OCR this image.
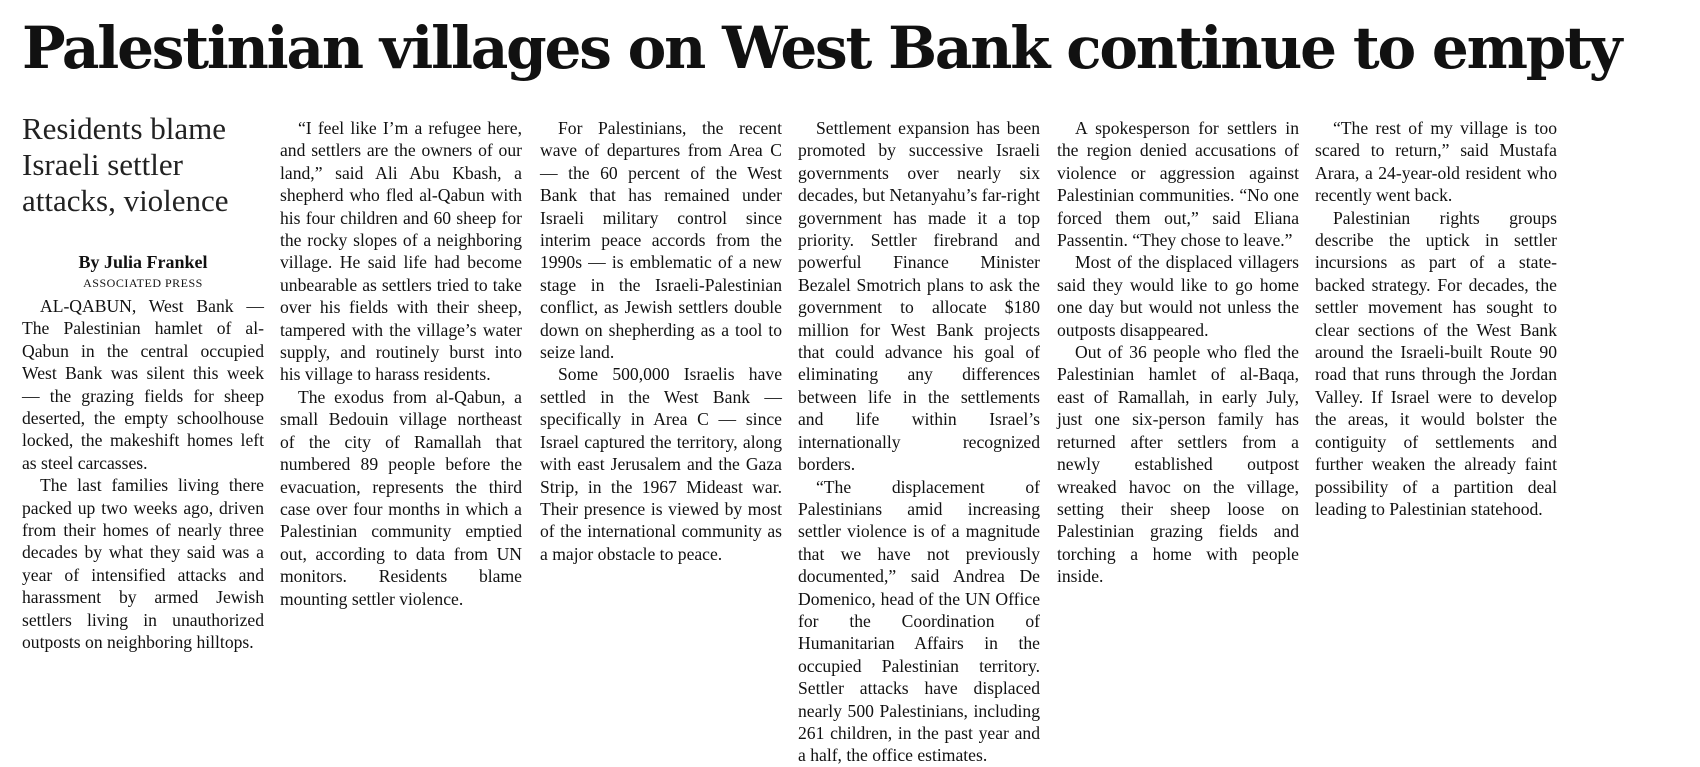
Palestinian villages on West Bank continue to empty
Residents blame Israeli settler attacks, violence
By Julia Frankel
ASSOCIATED PRESS

AL-QABUN, West Bank — The Palestinian hamlet of al-Qabun in the central occupied West Bank was silent this week — the grazing fields for sheep deserted, the empty schoolhouse locked, the makeshift homes left as steel carcasses.

The last families living there packed up two weeks ago, driven from their homes of nearly three decades by what they said was a year of intensified attacks and harassment by armed Jewish settlers living in unauthorized outposts on neighboring hilltops.

“I feel like I’m a refugee here, and settlers are the owners of our land,” said Ali Abu Kbash, a shepherd who fled al-Qabun with his four children and 60 sheep for the rocky slopes of a neighboring village. He said life had become unbearable as settlers tried to take over his fields with their sheep, tampered with the village’s water supply, and routinely burst into his village to harass residents.

The exodus from al-Qabun, a small Bedouin village northeast of the city of Ramallah that numbered 89 people before the evacuation, represents the third case over four months in which a Palestinian community emptied out, according to data from UN monitors. Residents blame mounting settler violence.

For Palestinians, the recent wave of departures from Area C — the 60 percent of the West Bank that has remained under Israeli military control since interim peace accords from the 1990s — is emblematic of a new stage in the Israeli-Palestinian conflict, as Jewish settlers double down on shepherding as a tool to seize land.

Some 500,000 Israelis have settled in the West Bank — specifically in Area C — since Israel captured the territory, along with east Jerusalem and the Gaza Strip, in the 1967 Mideast war. Their presence is viewed by most of the international community as a major obstacle to peace.

Settlement expansion has been promoted by successive Israeli governments over nearly six decades, but Netanyahu’s far-right government has made it a top priority. Settler firebrand and powerful Finance Minister Bezalel Smotrich plans to ask the government to allocate $180 million for West Bank projects that could advance his goal of eliminating any differences between life in the settlements and life within Israel’s internationally recognized borders.

“The displacement of Palestinians amid increasing settler violence is of a magnitude that we have not previously documented,” said Andrea De Domenico, head of the UN Office for the Coordination of Humanitarian Affairs in the occupied Palestinian territory. Settler attacks have displaced nearly 500 Palestinians, including 261 children, in the past year and a half, the office estimates.

A spokesperson for settlers in the region denied accusations of violence or aggression against Palestinian communities. “No one forced them out,” said Eliana Passentin. “They chose to leave.”

Most of the displaced villagers said they would like to go home one day but would not unless the outposts disappeared.

Out of 36 people who fled the Palestinian hamlet of al-Baqa, east of Ramallah, in early July, just one six-person family has returned after settlers from a newly established outpost wreaked havoc on the village, setting their sheep loose on Palestinian grazing fields and torching a home with people inside.

“The rest of my village is too scared to return,” said Mustafa Arara, a 24-year-old resident who recently went back.

Palestinian rights groups describe the uptick in settler incursions as part of a state-backed strategy. For decades, the settler movement has sought to clear sections of the West Bank around the Israeli-built Route 90 road that runs through the Jordan Valley. If Israel were to develop the areas, it would bolster the contiguity of settlements and further weaken the already faint possibility of a partition deal leading to Palestinian statehood.
